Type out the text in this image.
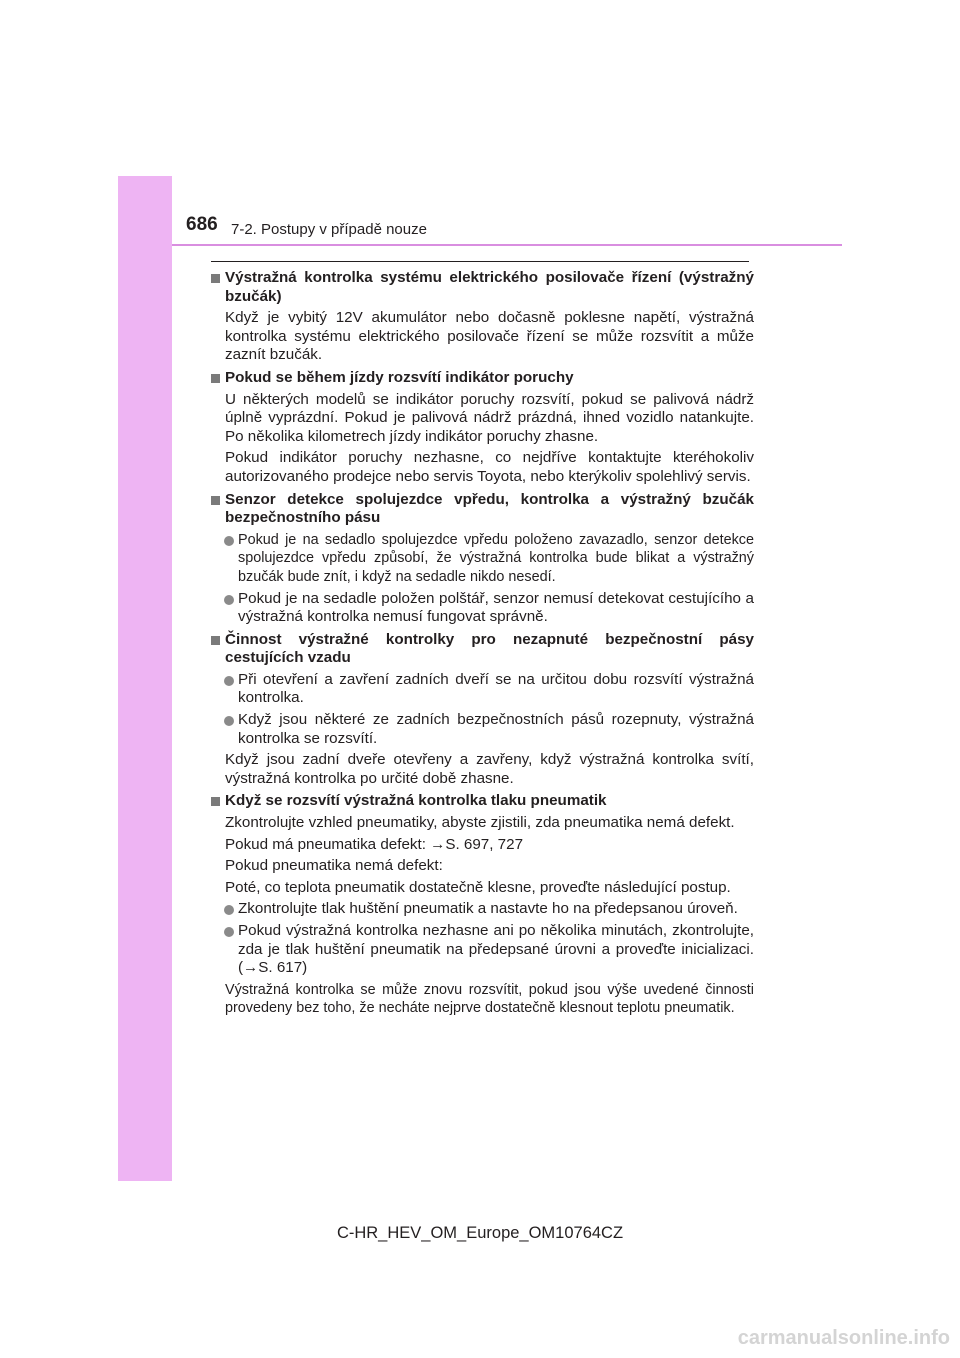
686 7-2. Postupy v případě nouze
Výstražná kontrolka systému elektrického posilovače řízení (výstražný bzučák)
Když je vybitý 12V akumulátor nebo dočasně poklesne napětí, výstražná kontrolka systému elektrického posilovače řízení se může rozsvítit a může zaznít bzučák.
Pokud se během jízdy rozsvítí indikátor poruchy
U některých modelů se indikátor poruchy rozsvítí, pokud se palivová nádrž úplně vyprázdní. Pokud je palivová nádrž prázdná, ihned vozidlo natankujte. Po několika kilometrech jízdy indikátor poruchy zhasne.
Pokud indikátor poruchy nezhasne, co nejdříve kontaktujte kteréhokoliv autorizovaného prodejce nebo servis Toyota, nebo kterýkoliv spolehlivý servis.
Senzor detekce spolujezdce vpředu, kontrolka a výstražný bzučák bezpečnostního pásu
Pokud je na sedadlo spolujezdce vpředu položeno zavazadlo, senzor detekce spolujezdce vpředu způsobí, že výstražná kontrolka bude blikat a výstražný bzučák bude znít, i když na sedadle nikdo nesedí.
Pokud je na sedadle položen polštář, senzor nemusí detekovat cestujícího a výstražná kontrolka nemusí fungovat správně.
Činnost výstražné kontrolky pro nezapnuté bezpečnostní pásy cestujících vzadu
Při otevření a zavření zadních dveří se na určitou dobu rozsvítí výstražná kontrolka.
Když jsou některé ze zadních bezpečnostních pásů rozepnuty, výstražná kontrolka se rozsvítí.
Když jsou zadní dveře otevřeny a zavřeny, když výstražná kontrolka svítí, výstražná kontrolka po určité době zhasne.
Když se rozsvítí výstražná kontrolka tlaku pneumatik
Zkontrolujte vzhled pneumatiky, abyste zjistili, zda pneumatika nemá defekt.
Pokud má pneumatika defekt: →S. 697, 727
Pokud pneumatika nemá defekt:
Poté, co teplota pneumatik dostatečně klesne, proveďte následující postup.
Zkontrolujte tlak huštění pneumatik a nastavte ho na předepsanou úroveň.
Pokud výstražná kontrolka nezhasne ani po několika minutách, zkontrolujte, zda je tlak huštění pneumatik na předepsané úrovni a proveďte inicializaci. (→S. 617)
Výstražná kontrolka se může znovu rozsvítit, pokud jsou výše uvedené činnosti provedeny bez toho, že necháte nejprve dostatečně klesnout teplotu pneumatik.
C-HR_HEV_OM_Europe_OM10764CZ
carmanualsonline.info
